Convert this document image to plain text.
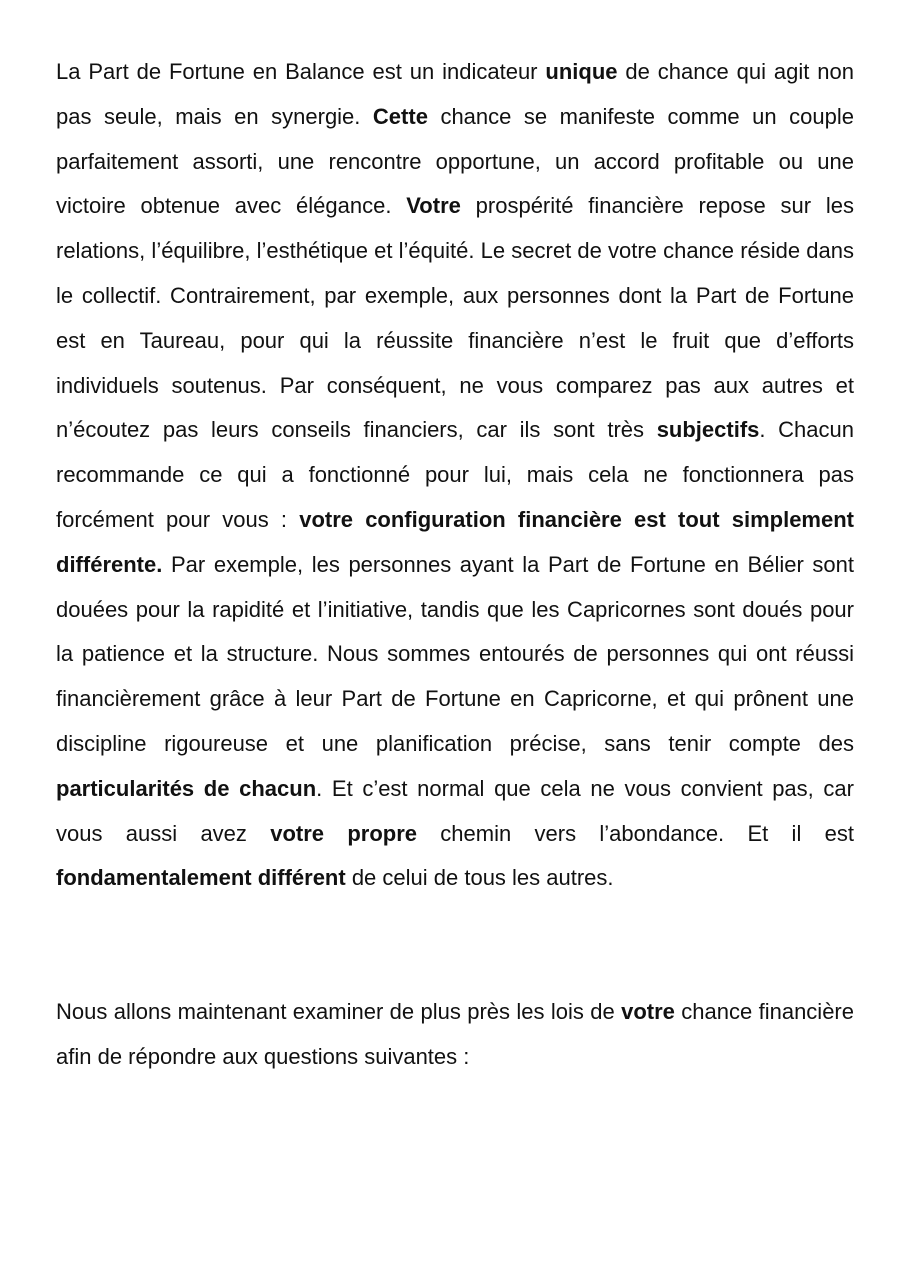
La Part de Fortune en Balance est un indicateur unique de chance qui agit non pas seule, mais en synergie. Cette chance se manifeste comme un couple parfaitement assorti, une rencontre opportune, un accord profitable ou une victoire obtenue avec élégance. Votre prospérité financière repose sur les relations, l’équilibre, l’esthétique et l’équité. Le secret de votre chance réside dans le collectif. Contrairement, par exemple, aux personnes dont la Part de Fortune est en Taureau, pour qui la réussite financière n’est le fruit que d’efforts individuels soutenus. Par conséquent, ne vous comparez pas aux autres et n’écoutez pas leurs conseils financiers, car ils sont très subjectifs. Chacun recommande ce qui a fonctionné pour lui, mais cela ne fonctionnera pas forcément pour vous : votre configuration financière est tout simplement différente. Par exemple, les personnes ayant la Part de Fortune en Bélier sont douées pour la rapidité et l’initiative, tandis que les Capricornes sont doués pour la patience et la structure. Nous sommes entourés de personnes qui ont réussi financièrement grâce à leur Part de Fortune en Capricorne, et qui prônent une discipline rigoureuse et une planification précise, sans tenir compte des particularités de chacun. Et c’est normal que cela ne vous convient pas, car vous aussi avez votre propre chemin vers l’abondance. Et il est fondamentalement différent de celui de tous les autres.

Nous allons maintenant examiner de plus près les lois de votre chance financière afin de répondre aux questions suivantes :
